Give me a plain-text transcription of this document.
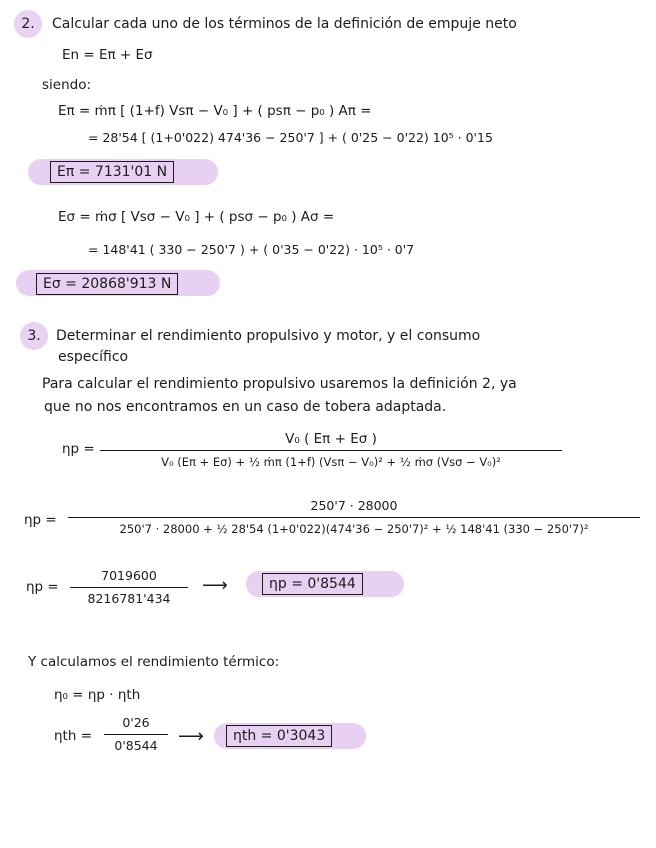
2.	Calcular cada uno de los términos de la definición de empuje neto
En = Eπ + Eσ
siendo:
Eπ = ṁπ [ (1+f) Vsπ − V₀ ] + ( psπ − p₀ ) Aπ =
= 28'54 [ (1+0'022) 474'36 − 250'7 ] + ( 0'25 − 0'22) 10⁵ · 0'15
Eπ = 7131'01 N
Eσ = ṁσ [ Vsσ − V₀ ] + ( psσ − p₀ ) Aσ =
= 148'41 ( 330 − 250'7 ) + ( 0'35 − 0'22) · 10⁵ · 0'7
Eσ = 20868'913 N
3.	Determinar el rendimiento propulsivo y motor, y el consumo
específico
Para calcular el rendimiento propulsivo usaremos la definición 2, ya
que no nos encontramos en un caso de tobera adaptada.
ηp =
V₀ ( Eπ + Eσ )
V₀ (Eπ + Eσ) + ½ ṁπ (1+f) (Vsπ − V₀)² + ½ ṁσ (Vsσ − V₀)²
ηp =
250'7 · 28000
250'7 · 28000 + ½ 28'54 (1+0'022)(474'36 − 250'7)² + ½ 148'41 (330 − 250'7)²
ηp =
7019600
8216781'434
⟶	ηp = 0'8544
Y calculamos el rendimiento térmico:
η₀ = ηp · ηth
ηth =
0'26
0'8544	⟶	ηth = 0'3043
